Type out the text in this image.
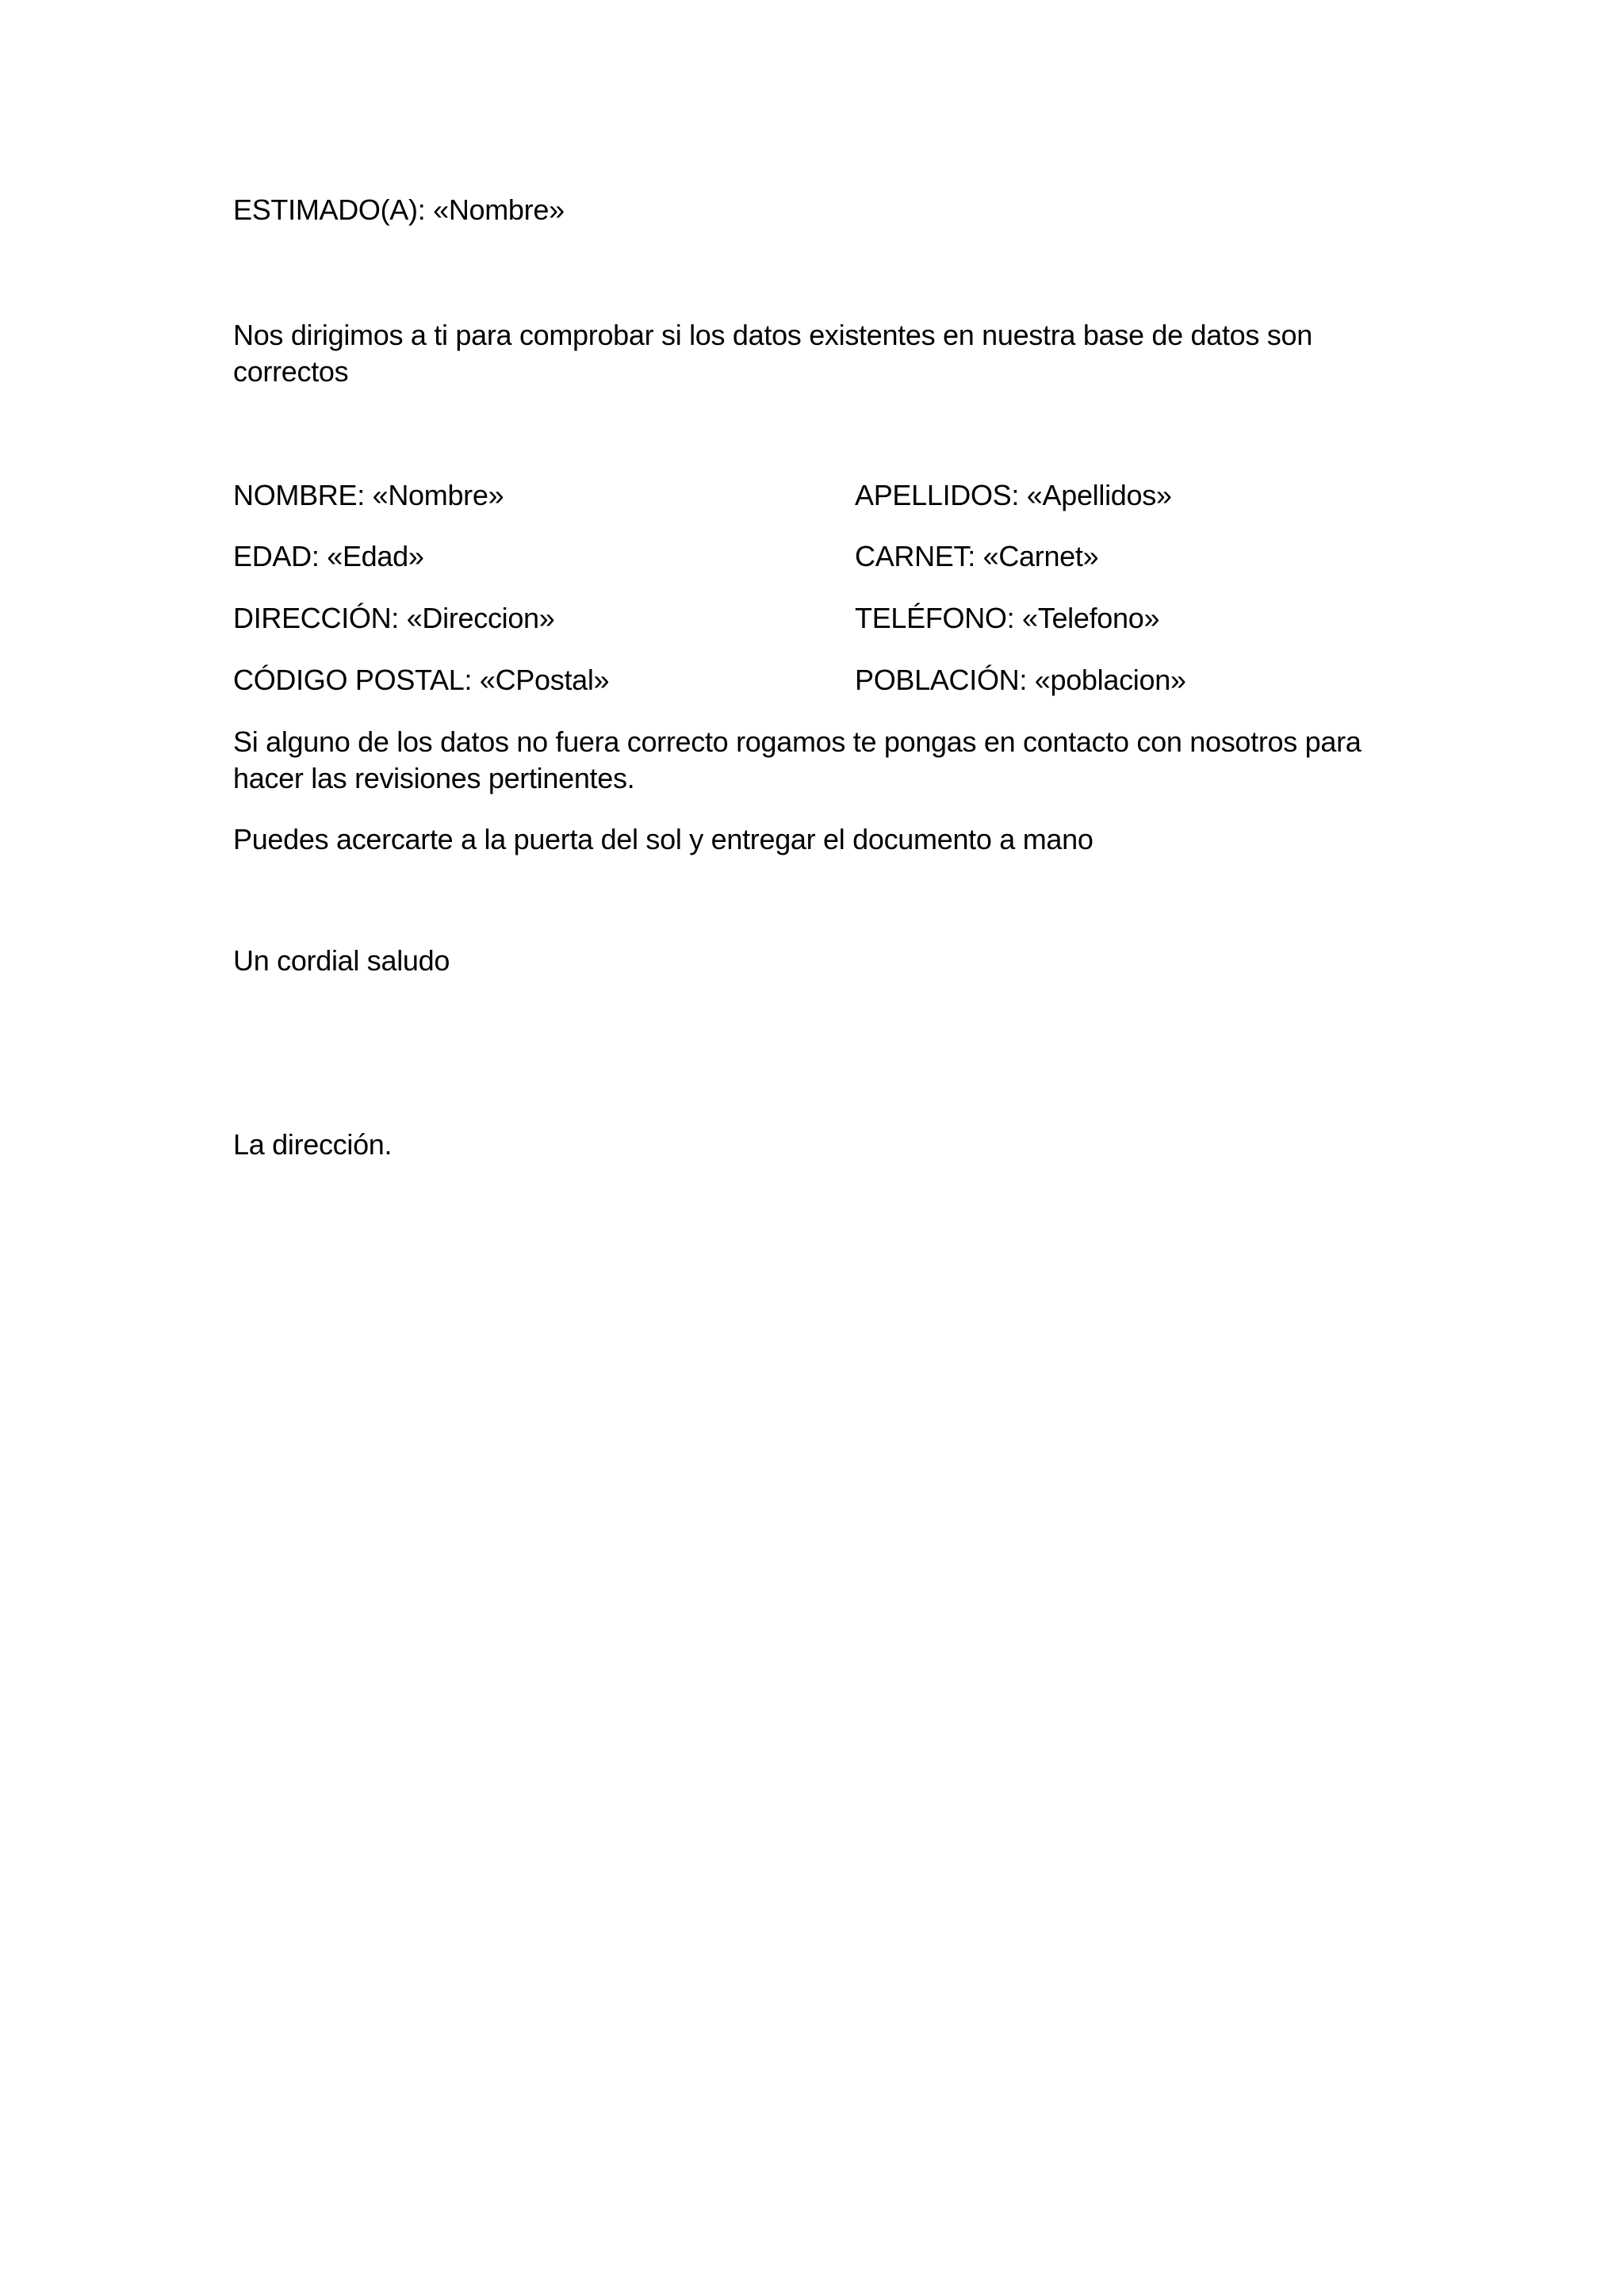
ESTIMADO(A): «Nombre»
Nos dirigimos a ti para comprobar si los datos existentes en nuestra base de datos son correctos
NOMBRE: «Nombre»	APELLIDOS: «Apellidos»
EDAD: «Edad»	CARNET: «Carnet»
DIRECCIÓN: «Direccion»	TELÉFONO: «Telefono»
CÓDIGO POSTAL: «CPostal»	POBLACIÓN: «poblacion»
Si alguno de los datos no fuera correcto rogamos te pongas en contacto con nosotros para hacer las revisiones pertinentes.
Puedes acercarte a la puerta del sol y entregar el documento a mano
Un cordial saludo
La dirección.
